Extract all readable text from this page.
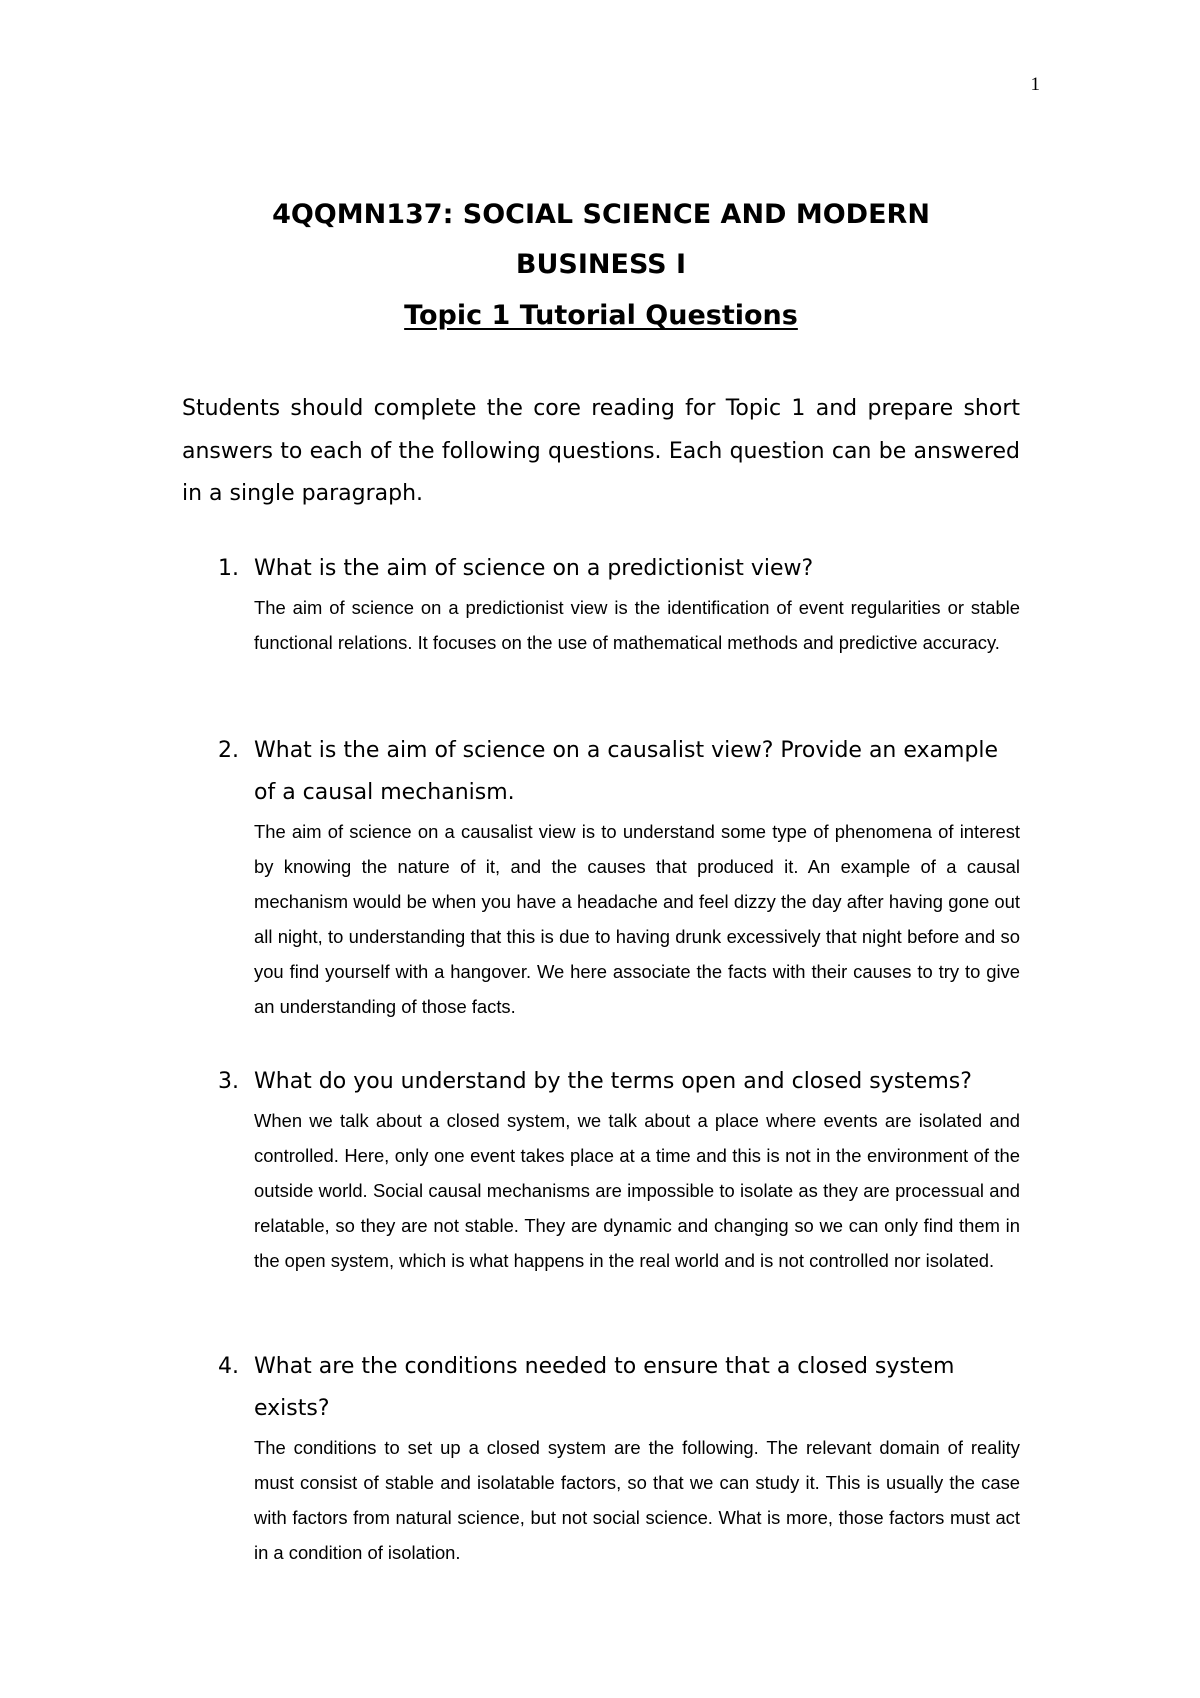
1
4QQMN137: SOCIAL SCIENCE AND MODERN
BUSINESS I
Topic 1 Tutorial Questions

Students should complete the core reading for Topic 1 and prepare short answers to each of the following questions. Each question can be answered in a single paragraph.

1. What is the aim of science on a predictionist view?

The aim of science on a predictionist view is the identification of event regularities or stable functional relations. It focuses on the use of mathematical methods and predictive accuracy.

2. What is the aim of science on a causalist view? Provide an example of a causal mechanism.

The aim of science on a causalist view is to understand some type of phenomena of interest by knowing the nature of it, and the causes that produced it. An example of a causal mechanism would be when you have a headache and feel dizzy the day after having gone out all night, to understanding that this is due to having drunk excessively that night before and so you find yourself with a hangover. We here associate the facts with their causes to try to give an understanding of those facts.

3. What do you understand by the terms open and closed systems?

When we talk about a closed system, we talk about a place where events are isolated and controlled. Here, only one event takes place at a time and this is not in the environment of the outside world. Social causal mechanisms are impossible to isolate as they are processual and relatable, so they are not stable. They are dynamic and changing so we can only find them in the open system, which is what happens in the real world and is not controlled nor isolated.

4. What are the conditions needed to ensure that a closed system exists?

The conditions to set up a closed system are the following. The relevant domain of reality must consist of stable and isolatable factors, so that we can study it. This is usually the case with factors from natural science, but not social science. What is more, those factors must act in a condition of isolation.
